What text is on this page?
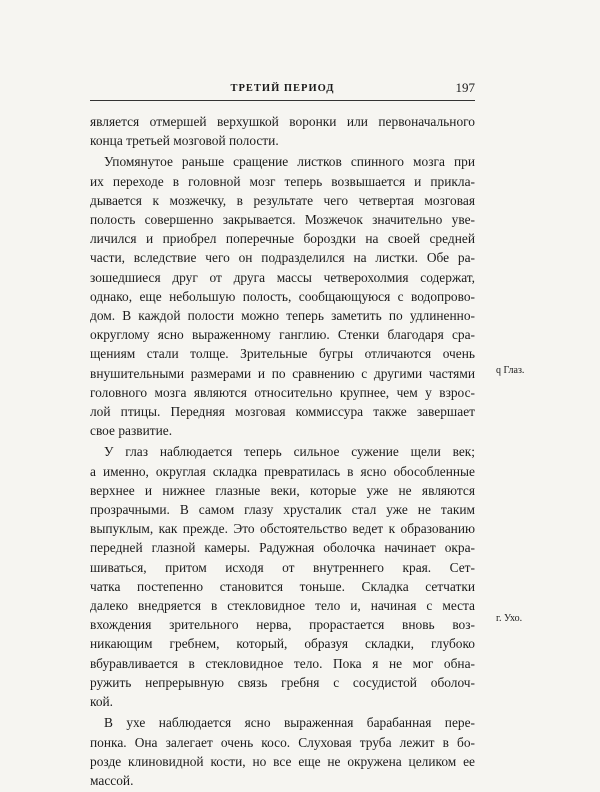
ТРЕТИЙ ПЕРИОД	197
является отмершей верхушкой воронки или первоначального
конца третьей мозговой полости.
Упомянутое раньше сращение листков спинного мозга при
их переходе в головной мозг теперь возвышается и прикла-
дывается к мозжечку, в результате чего четвертая мозговая
полость совершенно закрывается. Мозжечок значительно уве-
личился и приобрел поперечные бороздки на своей средней
части, вследствие чего он подразделился на листки. Обе ра-
зошедшиеся друг от друга массы четверохолмия содержат,
однако, еще небольшую полость, сообщающуюся с водопрово-
дом. В каждой полости можно теперь заметить по удлиненно-
округлому ясно выраженному ганглию. Стенки благодаря сра-
щениям стали толще. Зрительные бугры отличаются очень
внушительными размерами и по сравнению с другими частями
головного мозга являются относительно крупнее, чем у взрос-
лой птицы. Передняя мозговая коммиссура также завершает
свое развитие.
У глаз наблюдается теперь сильное сужение щели век;
а именно, округлая складка превратилась в ясно обособленные
верхнее и нижнее глазные веки, которые уже не являются
прозрачными. В самом глазу хрусталик стал уже не таким
выпуклым, как прежде. Это обстоятельство ведет к образованию
передней глазной камеры. Радужная оболочка начинает окра-
шиваться, притом исходя от внутреннего края. Сет-
чатка постепенно становится тоньше. Складка сетчатки
далеко внедряется в стекловидное тело и, начиная с места
вхождения зрительного нерва, прорастается вновь воз-
никающим гребнем, который, образуя складки, глубоко
вбуравливается в стекловидное тело. Пока я не мог обна-
ружить непрерывную связь гребня с сосудистой оболоч-
кой.
В ухе наблюдается ясно выраженная барабанная пере-
понка. Она залегает очень косо. Слуховая труба лежит в бо-
розде клиновидной кости, но все еще не окружена целиком ее
массой.
q Глаз.
г. Ухо.
